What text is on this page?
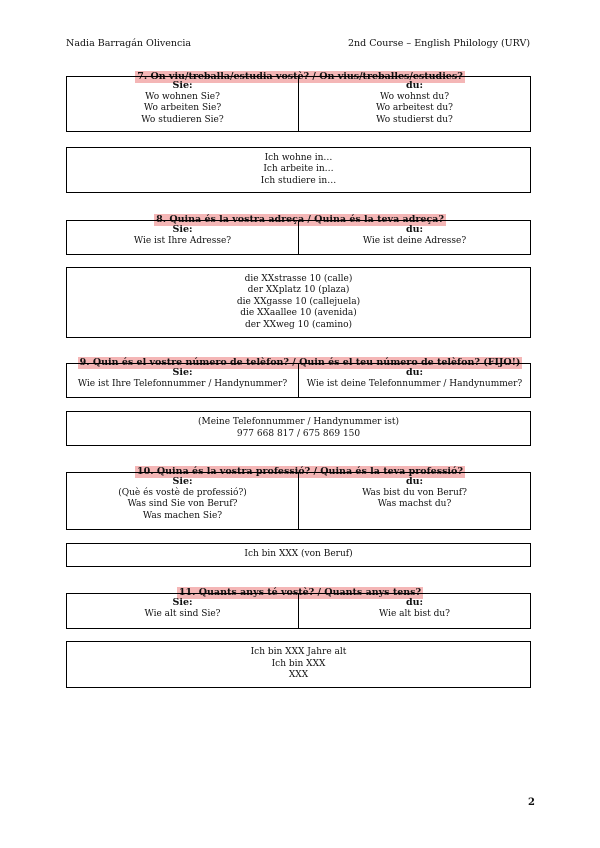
Nadia Barragán Olivencia	2nd Course – English Philology (URV)
7. On viu/treballa/estudia vostè? / On vius/treballes/estudies?
Sie:
Wo wohnen Sie?
Wo arbeiten Sie?
Wo studieren Sie?
du:
Wo wohnst du?
Wo arbeitest du?
Wo studierst du?
Ich wohne in…
Ich arbeite in…
Ich studiere in…
8. Quina és la vostra adreça / Quina és la teva adreça?
Sie:
Wie ist Ihre Adresse?
du:
Wie ist deine Adresse?
die XXstrasse 10 (calle)
der XXplatz 10 (plaza)
die XXgasse 10 (callejuela)
die XXaallee 10 (avenida)
der XXweg 10 (camino)
9. Quin és el vostre número de telèfon? / Quin és el teu número de telèfon? (FIJO!)
Sie:
Wie ist Ihre Telefonnummer / Handynummer?
du:
Wie ist deine Telefonnummer / Handynummer?
(Meine Telefonnummer / Handynummer ist)
977 668 817 / 675 869 150
10. Quina és la vostra professió? / Quina és la teva professió?
Sie:
(Què és vostè de professió?)
Was sind Sie von Beruf?
Was machen Sie?
du:
Was bist du von Beruf?
Was machst du?
Ich bin XXX (von Beruf)
11. Quants anys té vostè? / Quants anys tens?
Sie:
Wie alt sind Sie?
du:
Wie alt bist du?
Ich bin XXX Jahre alt
Ich bin XXX
XXX
2
